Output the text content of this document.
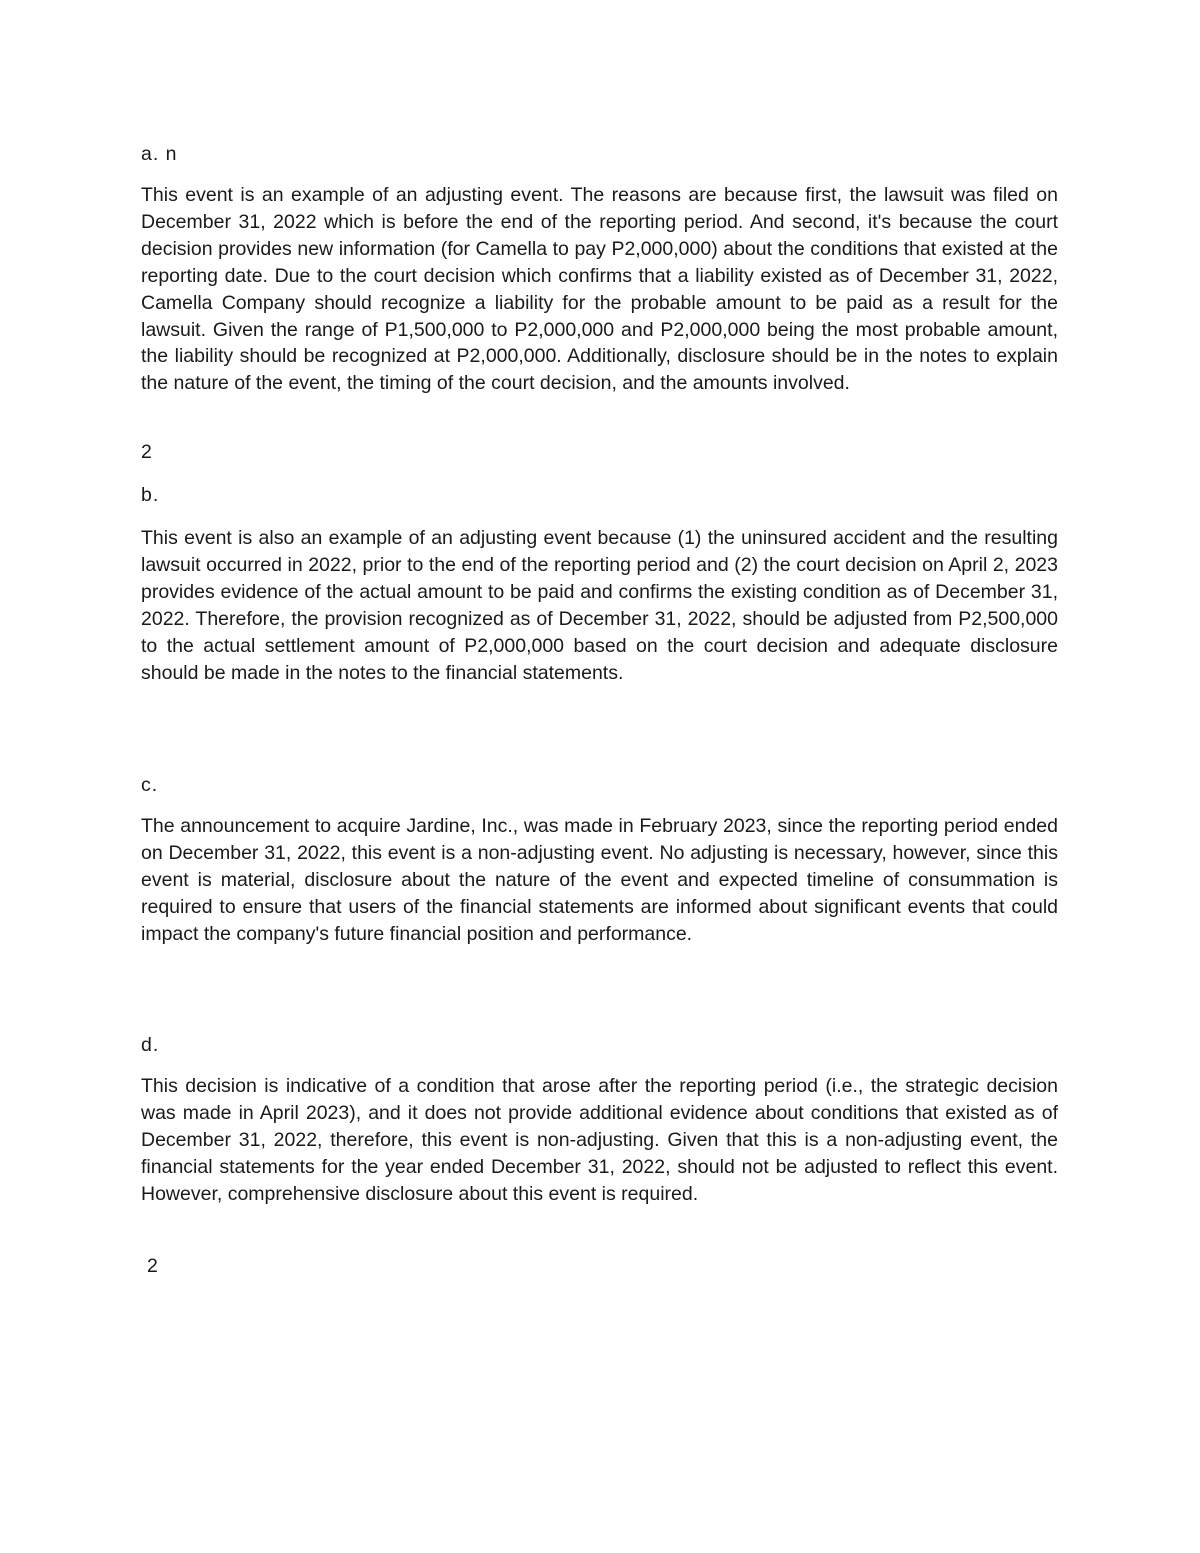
a. n

This event is an example of an adjusting event. The reasons are because first, the lawsuit was filed on December 31, 2022 which is before the end of the reporting period. And second, it's because the court decision provides new information (for Camella to pay P2,000,000) about the conditions that existed at the reporting date. Due to the court decision which confirms that a liability existed as of December 31, 2022, Camella Company should recognize a liability for the probable amount to be paid as a result for the lawsuit. Given the range of P1,500,000 to P2,000,000 and P2,000,000 being the most probable amount, the liability should be recognized at P2,000,000. Additionally, disclosure should be in the notes to explain the nature of the event, the timing of the court decision, and the amounts involved.

2

b.

This event is also an example of an adjusting event because (1) the uninsured accident and the resulting lawsuit occurred in 2022, prior to the end of the reporting period and (2) the court decision on April 2, 2023 provides evidence of the actual amount to be paid and confirms the existing condition as of December 31, 2022. Therefore, the provision recognized as of December 31, 2022, should be adjusted from P2,500,000 to the actual settlement amount of P2,000,000 based on the court decision and adequate disclosure should be made in the notes to the financial statements.

c.

The announcement to acquire Jardine, Inc., was made in February 2023, since the reporting period ended on December 31, 2022, this event is a non-adjusting event. No adjusting is necessary, however, since this event is material, disclosure about the nature of the event and expected timeline of consummation is required to ensure that users of the financial statements are informed about significant events that could impact the company's future financial position and performance.

d.

This decision is indicative of a condition that arose after the reporting period (i.e., the strategic decision was made in April 2023), and it does not provide additional evidence about conditions that existed as of December 31, 2022, therefore, this event is non-adjusting. Given that this is a non-adjusting event, the financial statements for the year ended December 31, 2022, should not be adjusted to reflect this event. However, comprehensive disclosure about this event is required.

2
